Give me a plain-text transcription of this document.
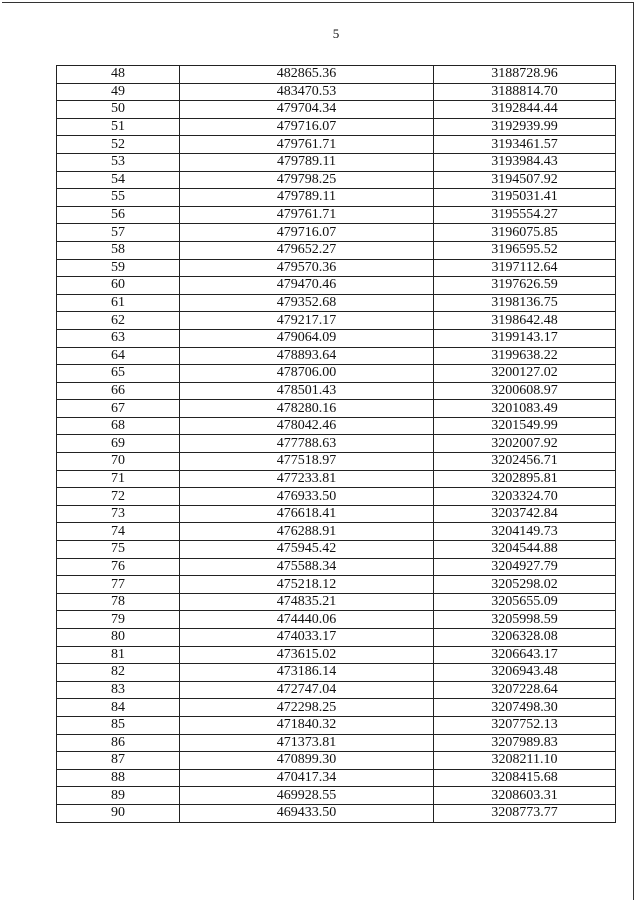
5
48	482865.36	3188728.96
49	483470.53	3188814.70
50	479704.34	3192844.44
51	479716.07	3192939.99
52	479761.71	3193461.57
53	479789.11	3193984.43
54	479798.25	3194507.92
55	479789.11	3195031.41
56	479761.71	3195554.27
57	479716.07	3196075.85
58	479652.27	3196595.52
59	479570.36	3197112.64
60	479470.46	3197626.59
61	479352.68	3198136.75
62	479217.17	3198642.48
63	479064.09	3199143.17
64	478893.64	3199638.22
65	478706.00	3200127.02
66	478501.43	3200608.97
67	478280.16	3201083.49
68	478042.46	3201549.99
69	477788.63	3202007.92
70	477518.97	3202456.71
71	477233.81	3202895.81
72	476933.50	3203324.70
73	476618.41	3203742.84
74	476288.91	3204149.73
75	475945.42	3204544.88
76	475588.34	3204927.79
77	475218.12	3205298.02
78	474835.21	3205655.09
79	474440.06	3205998.59
80	474033.17	3206328.08
81	473615.02	3206643.17
82	473186.14	3206943.48
83	472747.04	3207228.64
84	472298.25	3207498.30
85	471840.32	3207752.13
86	471373.81	3207989.83
87	470899.30	3208211.10
88	470417.34	3208415.68
89	469928.55	3208603.31
90	469433.50	3208773.77
